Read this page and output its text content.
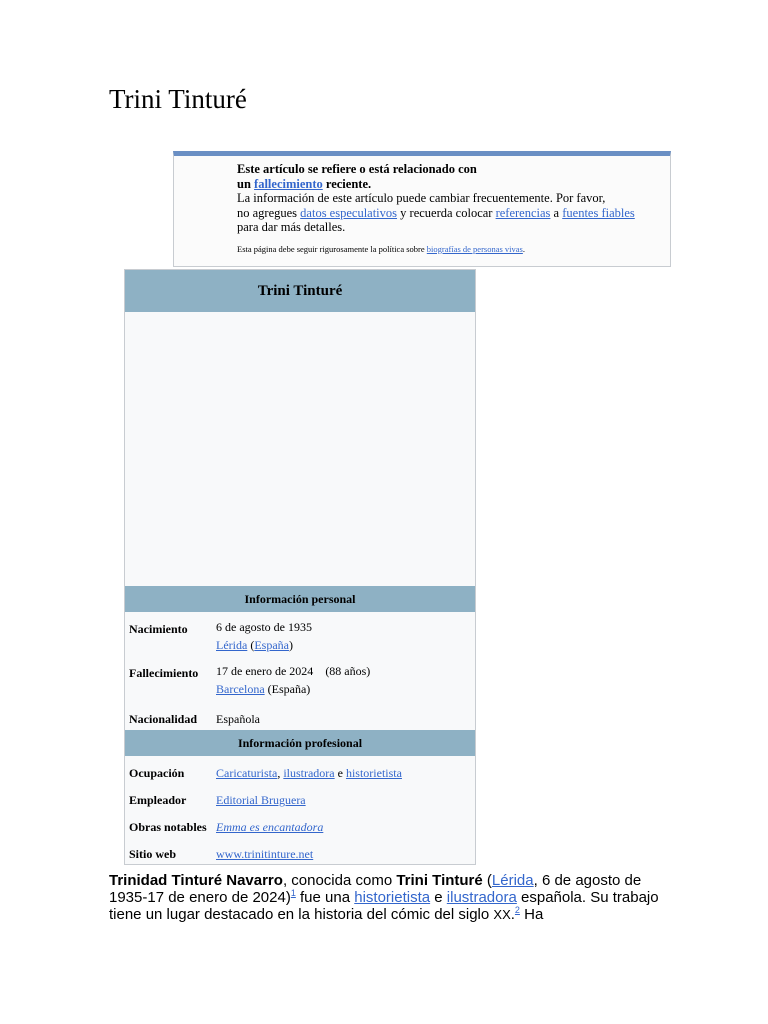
Trini Tinturé
Este artículo se refiere o está relacionado con
un fallecimiento reciente.
La información de este artículo puede cambiar frecuentemente. Por favor,
no agregues datos especulativos y recuerda colocar referencias a fuentes fiables para dar más detalles.
Esta página debe seguir rigurosamente la política sobre biografías de personas vivas.
Trini Tinturé
Información personal
Nacimiento 6 de agosto de 1935
Lérida (España)
Fallecimiento 17 de enero de 2024 (88 años)
Barcelona (España)
Nacionalidad Española
Información profesional
Ocupación	Caricaturista, ilustradora e historietista
Empleador Editorial Bruguera
Obras notables Emma es encantadora
Sitio web	www.trinitinture.net
Trinidad Tinturé Navarro, conocida como Trini Tinturé (Lérida, 6 de agosto de 1935-17 de enero de 2024)$^1$ fue una historietista e ilustradora española. Su trabajo tiene un lugar destacado en la historia del cómic del siglo XX.$^2$ Ha
